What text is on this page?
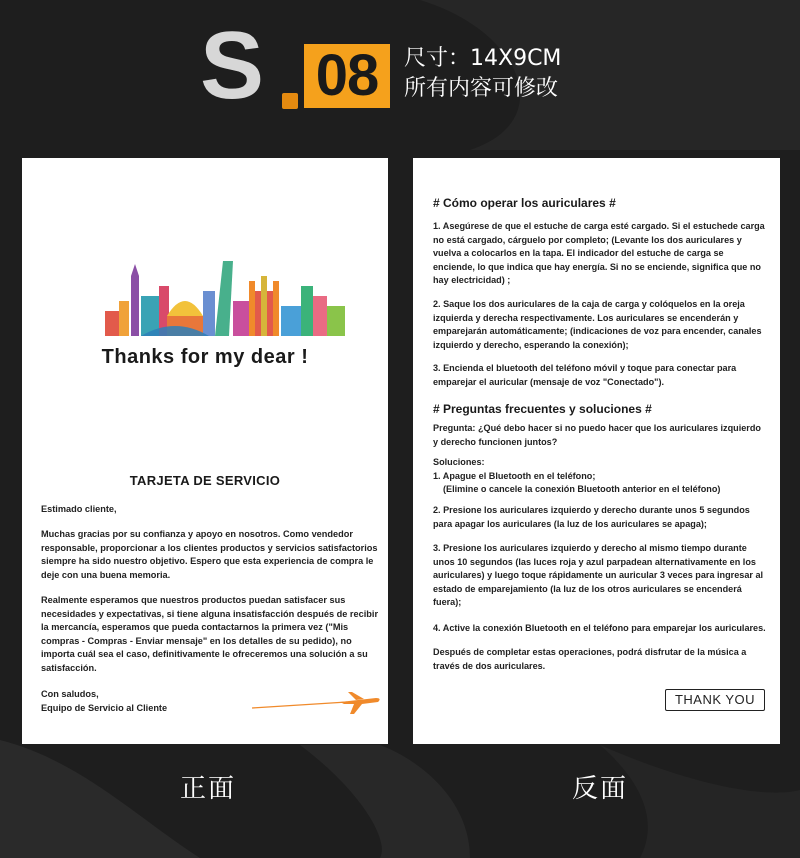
S 08	尺寸：14X9CM
所有内容可修改
Thanks for my dear !
TARJETA DE SERVICIO
Estimado cliente,
Muchas gracias por su confianza y apoyo en nosotros. Como vendedor responsable, proporcionar a los clientes productos y servicios satisfactorios siempre ha sido nuestro objetivo. Espero que esta experiencia de compra le deje con una buena memoria.
Realmente esperamos que nuestros productos puedan satisfacer sus necesidades y expectativas, si tiene alguna insatisfacción después de recibir la mercancía, esperamos que pueda contactarnos la primera vez ("Mis compras - Compras - Enviar mensaje" en los detalles de su pedido), no importa cuál sea el caso, definitivamente le ofreceremos una solución a su satisfacción.
Con saludos,
Equipo de Servicio al Cliente
# Cómo operar los auriculares #
1. Asegúrese de que el estuche de carga esté cargado. Si el estuchede carga no está cargado, cárguelo por completo; (Levante los dos auriculares y vuelva a colocarlos en la tapa. El indicador del estuche de carga se enciende, lo que indica que hay energía. Si no se enciende, significa que no hay electricidad) ;
2. Saque los dos auriculares de la caja de carga y colóquelos en la oreja izquierda y derecha respectivamente. Los auriculares se encenderán y emparejarán automáticamente; (indicaciones de voz para encender, canales izquierdo y derecho, esperando la conexión);
3. Encienda el bluetooth del teléfono móvil y toque para conectar para emparejar el auricular (mensaje de voz "Conectado").
# Preguntas frecuentes y soluciones #
Pregunta: ¿Qué debo hacer si no puedo hacer que los auriculares izquierdo y derecho funcionen juntos?
Soluciones:
1. Apague el Bluetooth en el teléfono;
(Elimine o cancele la conexión Bluetooth anterior en el teléfono)
2. Presione los auriculares izquierdo y derecho durante unos 5 segundos para apagar los auriculares (la luz de los auriculares se apaga);
3. Presione los auriculares izquierdo y derecho al mismo tiempo durante unos 10 segundos (las luces roja y azul parpadean alternativamente en los auriculares) y luego toque rápidamente un auricular 3 veces para ingresar al estado de emparejamiento (la luz de los otros auriculares se encenderá fuera);
4. Active la conexión Bluetooth en el teléfono para emparejar los auriculares.
Después de completar estas operaciones, podrá disfrutar de la música a través de dos auriculares.
THANK YOU
正面	反面
